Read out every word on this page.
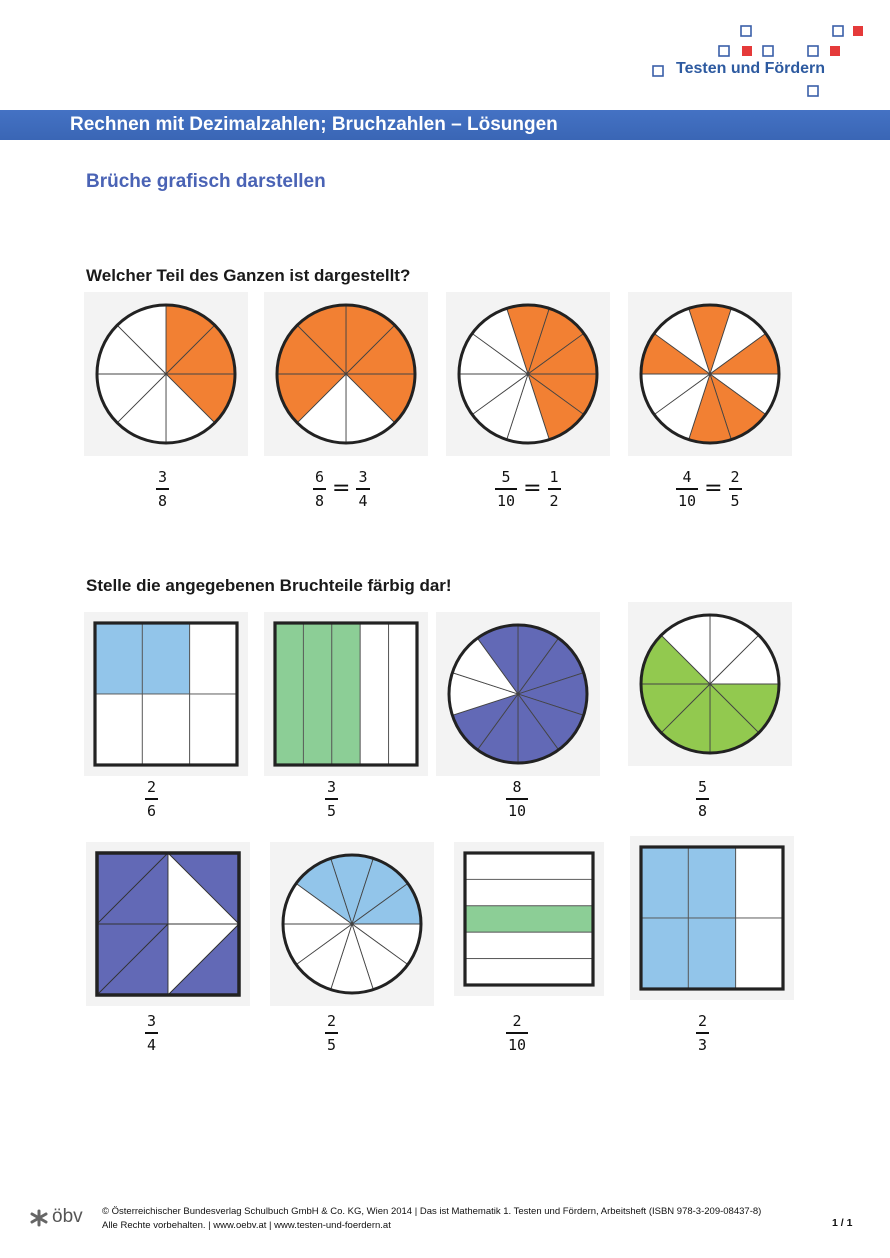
Testen und Fördern
Rechnen mit Dezimalzahlen; Bruchzahlen – Lösungen
Brüche grafisch darstellen
Welcher Teil des Ganzen ist dargestellt?
Stelle die angegebenen Bruchteile färbig dar!
$\frac{3}{8}$	$\frac{6}{8} = \frac{3}{4}$	$\frac{5}{10} = \frac{1}{2}$	$\frac{4}{10} = \frac{2}{5}$
$\frac{2}{6}$	$\frac{3}{5}$	$\frac{8}{10}$	$\frac{5}{8}$
$\frac{3}{4}$	$\frac{2}{5}$	$\frac{2}{10}$	$\frac{2}{3}$
öbv © Österreichischer Bundesverlag Schulbuch GmbH & Co. KG, Wien 2014 | Das ist Mathematik 1. Testen und Fördern, Arbeitsheft (ISBN 978-3-209-08437-8)
Alle Rechte vorbehalten. | www.oebv.at | www.testen-und-foerdern.at	1 / 1
